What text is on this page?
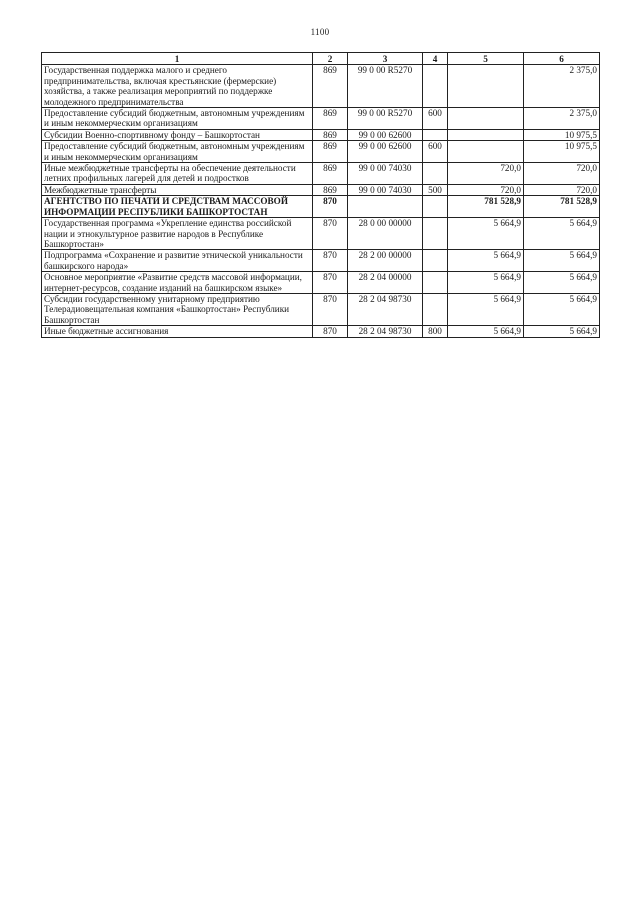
1100
1	2	3	4	5	6
Государственная поддержка малого и среднего предпринимательства, включая крестьянские (фермерские) хозяйства, а также реализация мероприятий по поддержке молодежного предпринимательства	869	99 0 00 R5270			2 375,0
Предоставление субсидий бюджетным, автономным учреждениям и иным некоммерческим организациям	869	99 0 00 R5270	600		2 375,0
Субсидии Военно-спортивному фонду – Башкортостан	869	99 0 00 62600			10 975,5
Предоставление субсидий бюджетным, автономным учреждениям и иным некоммерческим организациям	869	99 0 00 62600	600		10 975,5
Иные межбюджетные трансферты на обеспечение деятельности летних профильных лагерей для детей и подростков	869	99 0 00 74030		720,0	720,0
Межбюджетные трансферты	869	99 0 00 74030	500	720,0	720,0
АГЕНТСТВО ПО ПЕЧАТИ И СРЕДСТВАМ МАССОВОЙ ИНФОРМАЦИИ РЕСПУБЛИКИ БАШКОРТОСТАН	870			781 528,9	781 528,9
Государственная программа «Укрепление единства российской нации и этнокультурное развитие народов в Республике Башкортостан»	870	28 0 00 00000		5 664,9	5 664,9
Подпрограмма «Сохранение и развитие этнической уникальности башкирского народа»	870	28 2 00 00000		5 664,9	5 664,9
Основное мероприятие «Развитие средств массовой информации, интернет-ресурсов, создание изданий на башкирском языке»	870	28 2 04 00000		5 664,9	5 664,9
Субсидии государственному унитарному предприятию Телерадиовещательная компания «Башкортостан» Республики Башкортостан	870	28 2 04 98730		5 664,9	5 664,9
Иные бюджетные ассигнования	870	28 2 04 98730	800	5 664,9	5 664,9
